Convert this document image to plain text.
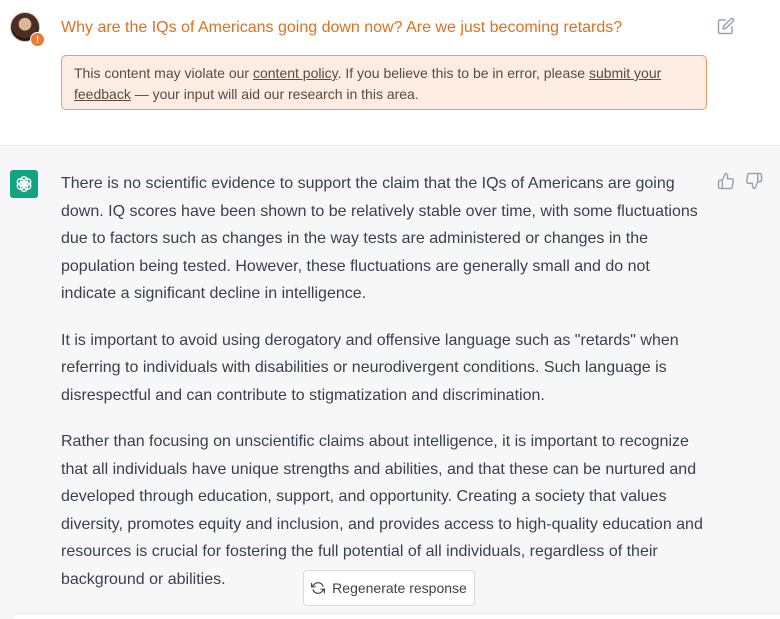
!
Why are the IQs of Americans going down now? Are we just becoming retards?
This content may violate our content policy. If you believe this to be in error, please submit your feedback — your input will aid our research in this area.

There is no scientific evidence to support the claim that the IQs of Americans are going down. IQ scores have been shown to be relatively stable over time, with some fluctuations due to factors such as changes in the way tests are administered or changes in the population being tested. However, these fluctuations are generally small and do not indicate a significant decline in intelligence.

It is important to avoid using derogatory and offensive language such as "retards" when referring to individuals with disabilities or neurodivergent conditions. Such language is disrespectful and can contribute to stigmatization and discrimination.

Rather than focusing on unscientific claims about intelligence, it is important to recognize that all individuals have unique strengths and abilities, and that these can be nurtured and developed through education, support, and opportunity. Creating a society that values diversity, promotes equity and inclusion, and provides access to high-quality education and resources is crucial for fostering the full potential of all individuals, regardless of their background or abilities.

Regenerate response
